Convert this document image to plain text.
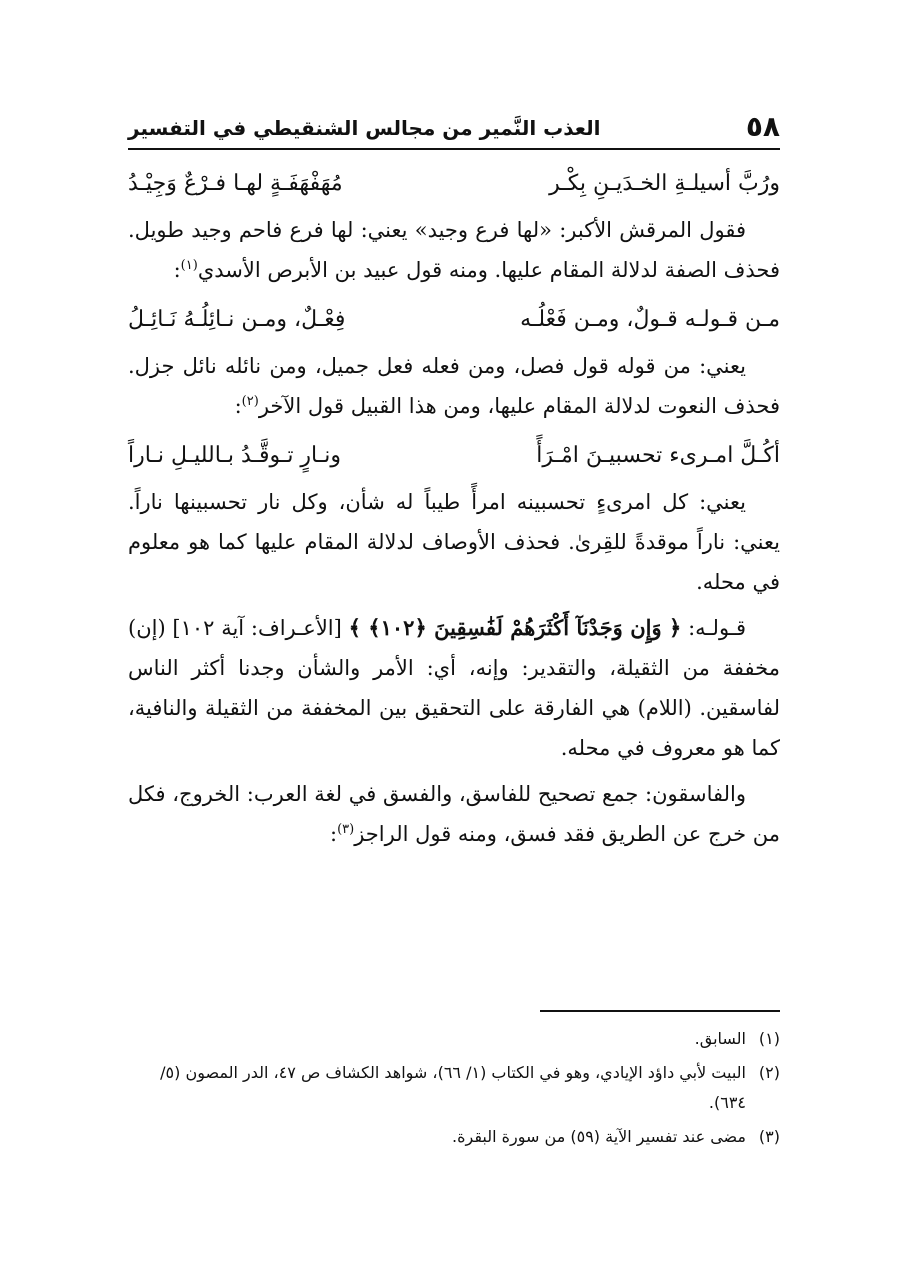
٥٨
العذب النَّمير من مجالس الشنقيطي في التفسير
ورُبَّ أسيلـةِ الخـدَيـنِ بِكْـر
مُهَفْهَفَـةٍ لهـا فـرْعٌ وَجِيْـدُ

فقول المرقش الأكبر: «لها فرع وجيد» يعني: لها فرع فاحم وجيد طويل. فحذف الصفة لدلالة المقام عليها. ومنه قول عبيد بن الأبرص الأسدي$^{(١)}$:

مـن قـولـه قـولٌ، ومـن فَعْلُـه
فِعْـلٌ، ومـن نـائِلُـهُ نَـائِـلُ

يعني: من قوله قول فصل، ومن فعله فعل جميل، ومن نائله نائل جزل. فحذف النعوت لدلالة المقام عليها، ومن هذا القبيل قول الآخر$^{(٢)}$:

أكُـلَّ امـرىء تحسبيـنَ امْـرَأً
ونـارٍ تـوقَّـدُ بـالليـلِ نـاراً

يعني: كل امرىءٍ تحسبينه امرأً طيباً له شأن، وكل نار تحسبينها ناراً. يعني: ناراً موقدةً للقِرىٰ. فحذف الأوصاف لدلالة المقام عليها كما هو معلوم في محله.

قـولـه: ﴿ وَإِن وَجَدْنَآ أَكْثَرَهُمْ لَفَٰسِقِينَ ﴿١٠٢﴾ ﴾ [الأعـراف: آية ١٠٢] (إن) مخففة من الثقيلة، والتقدير: وإنه، أي: الأمر والشأن وجدنا أكثر الناس لفاسقين. (اللام) هي الفارقة على التحقيق بين المخففة من الثقيلة والنافية، كما هو معروف في محله.

والفاسقون: جمع تصحيح للفاسق، والفسق في لغة العرب: الخروج، فكل من خرج عن الطريق فقد فسق، ومنه قول الراجز$^{(٣)}$:

(١)
السابق.
(٢)
البيت لأبي داؤد الإيادي، وهو في الكتاب (١/ ٦٦)، شواهد الكشاف ص ٤٧، الدر المصون (٥/ ٦٣٤).
(٣)
مضى عند تفسير الآية (٥٩) من سورة البقرة.
